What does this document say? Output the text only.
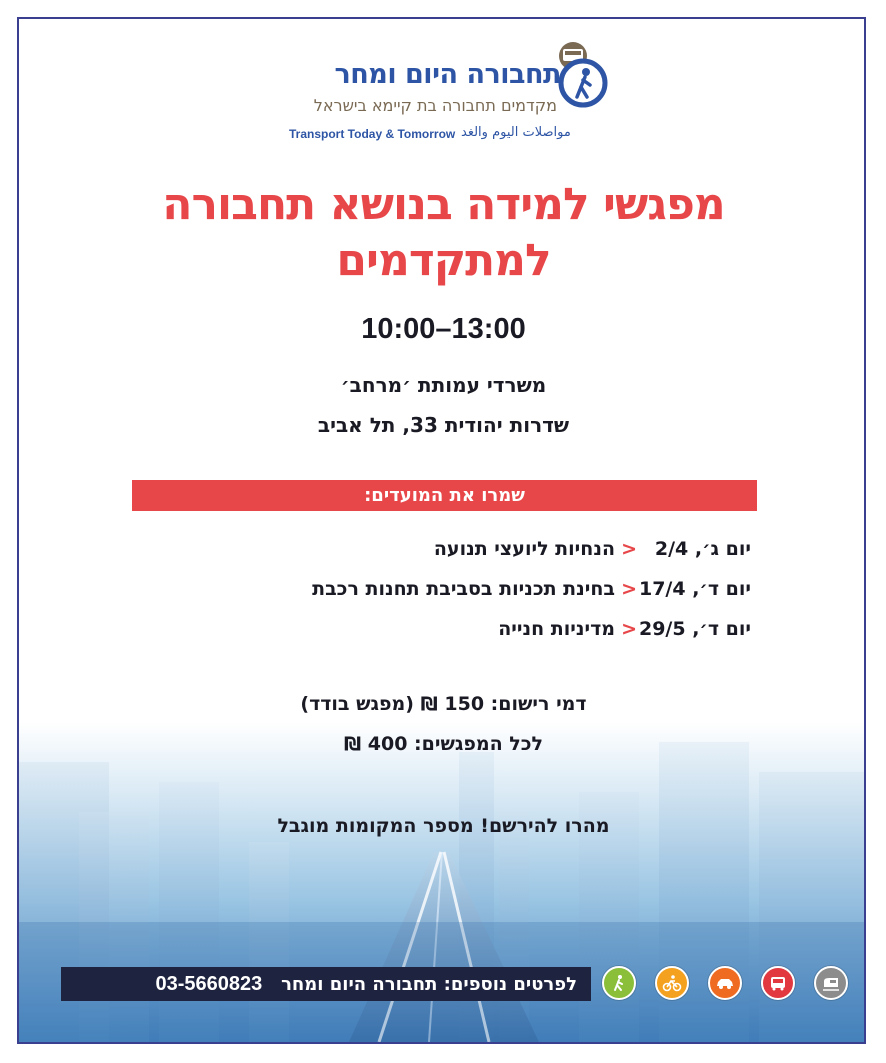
תחבורה היום ומחר
מקדמים תחבורה בת קיימא בישראל
Transport Today & Tomorrow مواصلات اليوم والغد
מפגשי למידה בנושא תחבורה
למתקדמים
10:00–13:00
משרדי עמותת ׳מרחב׳
שדרות יהודית 33, תל אביב
שמרו את המועדים:
יום ג׳, 2/4<הנחיות ליועצי תנועה
יום ד׳, 17/4<בחינת תכניות בסביבת תחנות רכבת
יום ד׳, 29/5<מדיניות חנייה
דמי רישום: 150 ₪ (מפגש בודד)
לכל המפגשים: 400 ₪
מהרו להירשם! מספר המקומות מוגבל
לפרטים נוספים: תחבורה היום ומחר   03-5660823
